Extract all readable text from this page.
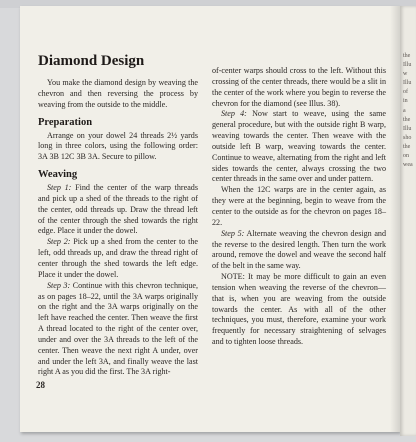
the
Illu
w
Illu
of
in
a
the
Illu
sho
the
on
wea
Diamond Design

You make the diamond design by weaving the chevron and then reversing the process by weaving from the outside to the middle.

Preparation

Arrange on your dowel 24 threads 2½ yards long in three colors, using the following order: 3A 3B 12C 3B 3A. Secure to pillow.

Weaving

Step 1: Find the center of the warp threads and pick up a shed of the threads to the right of the center, odd threads up. Draw the thread left of the center through the shed towards the right edge. Place it under the dowel.

Step 2: Pick up a shed from the center to the left, odd threads up, and draw the thread right of center through the shed towards the left edge. Place it under the dowel.

Step 3: Continue with this chevron technique, as on pages 18–22, until the 3A warps originally on the right and the 3A warps originally on the left have reached the center. Then weave the first A thread located to the right of the center over, under and over the 3A threads to the left of the center. Then weave the next right A under, over and under the left 3A, and finally weave the last right A as you did the first. The 3A right-

of-center warps should cross to the left. Without this crossing of the center threads, there would be a slit in the center of the work where you begin to reverse the chevron for the diamond (see Illus. 38).

Step 4: Now start to weave, using the same general procedure, but with the outside right B warp, weaving towards the center. Then weave with the outside left B warp, weaving towards the center. Continue to weave, alternating from the right and left sides towards the center, always crossing the two center threads in the same over and under pattern.

When the 12C warps are in the center again, as they were at the beginning, begin to weave from the center to the outside as for the chevron on pages 18–22.

Step 5: Alternate weaving the chevron design and the reverse to the desired length. Then turn the work around, remove the dowel and weave the second half of the belt in the same way.

NOTE: It may be more difficult to gain an even tension when weaving the reverse of the chevron—that is, when you are weaving from the outside towards the center. As with all of the other techniques, you must, therefore, examine your work frequently for necessary straightening of selvages and to tighten loose threads.

28
